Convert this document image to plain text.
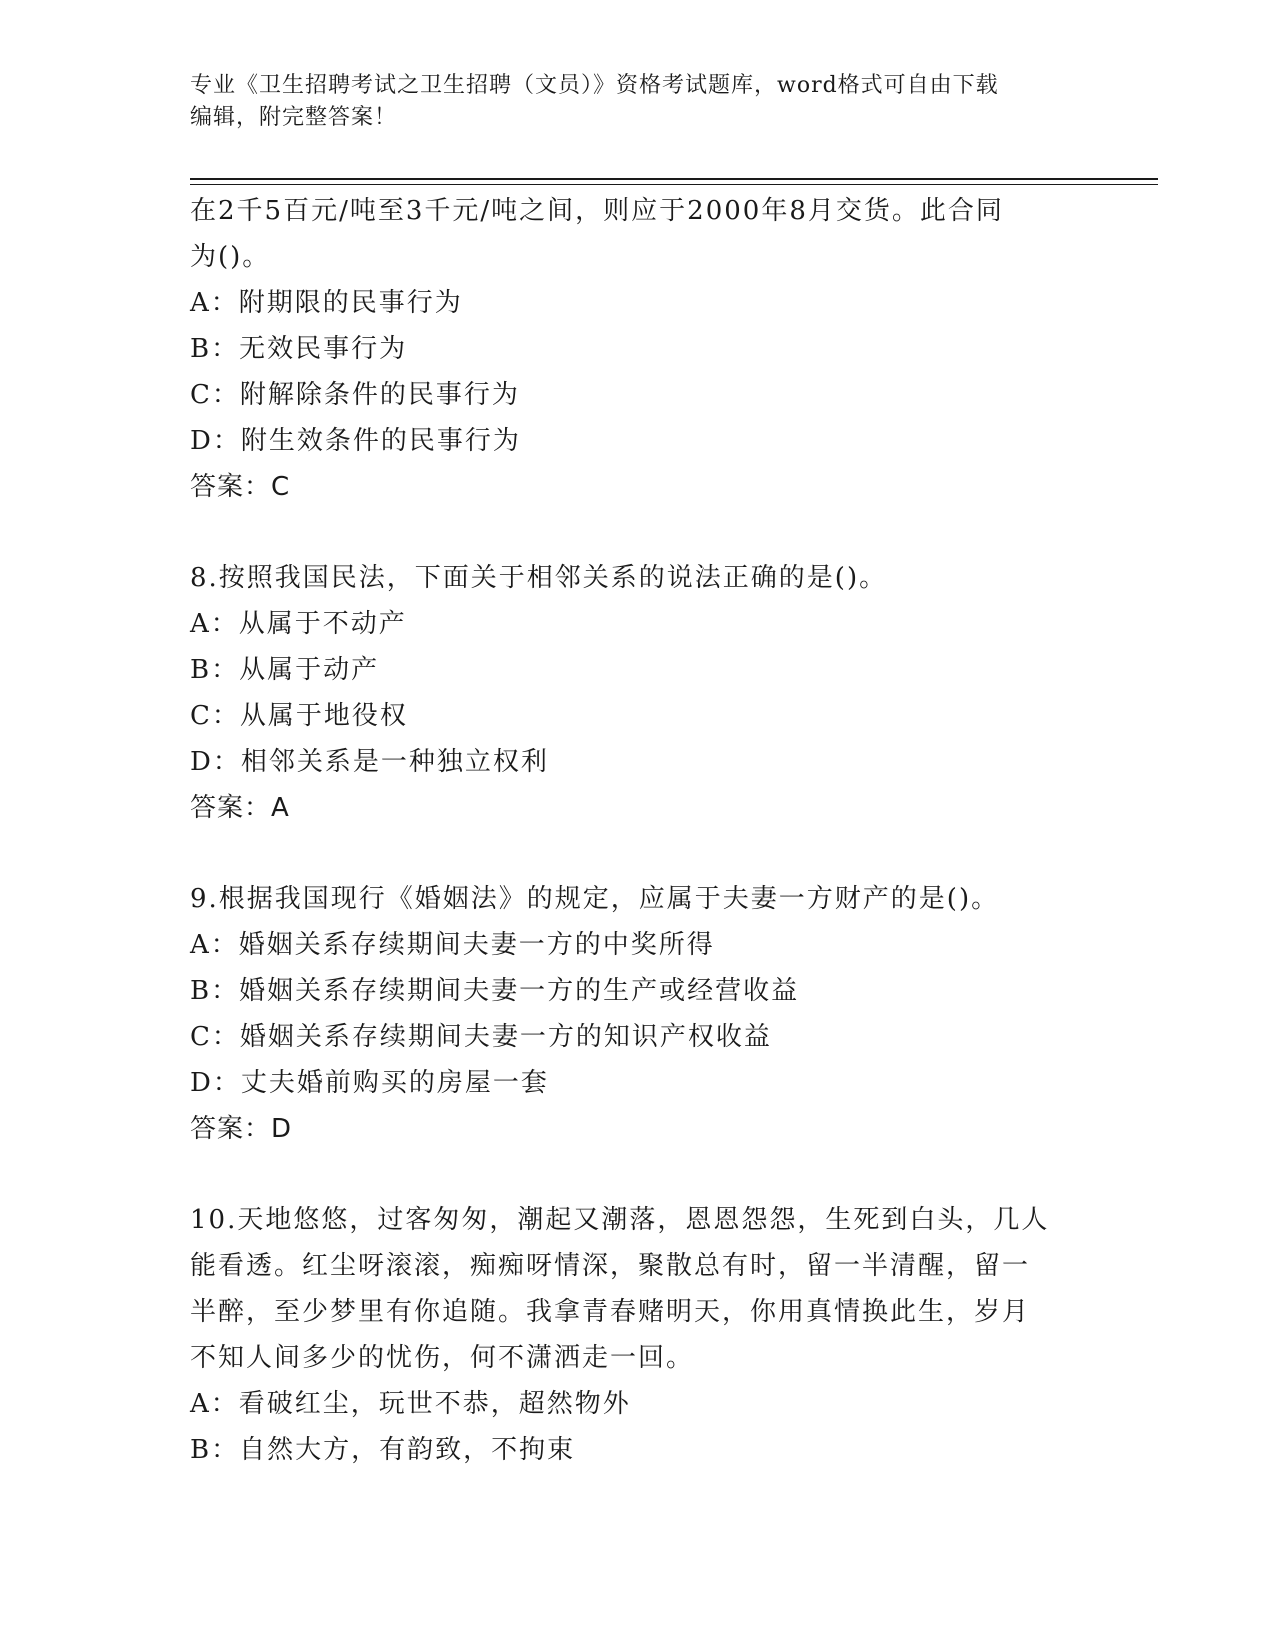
专业《卫生招聘考试之卫生招聘（文员）》资格考试题库，word格式可自由下载
编辑，附完整答案！
在2千5百元/吨至3千元/吨之间，则应于2000年8月交货。此合同
为()。
A：附期限的民事行为
B：无效民事行为
C：附解除条件的民事行为
D：附生效条件的民事行为
答案：C
8.按照我国民法，下面关于相邻关系的说法正确的是()。
A：从属于不动产
B：从属于动产
C：从属于地役权
D：相邻关系是一种独立权利
答案：A
9.根据我国现行《婚姻法》的规定，应属于夫妻一方财产的是()。
A：婚姻关系存续期间夫妻一方的中奖所得
B：婚姻关系存续期间夫妻一方的生产或经营收益
C：婚姻关系存续期间夫妻一方的知识产权收益
D：丈夫婚前购买的房屋一套
答案：D
10.天地悠悠，过客匆匆，潮起又潮落，恩恩怨怨，生死到白头，几人
能看透。红尘呀滚滚，痴痴呀情深，聚散总有时，留一半清醒，留一
半醉，至少梦里有你追随。我拿青春赌明天，你用真情换此生，岁月
不知人间多少的忧伤，何不潇洒走一回。
A：看破红尘，玩世不恭，超然物外
B：自然大方，有韵致，不拘束
